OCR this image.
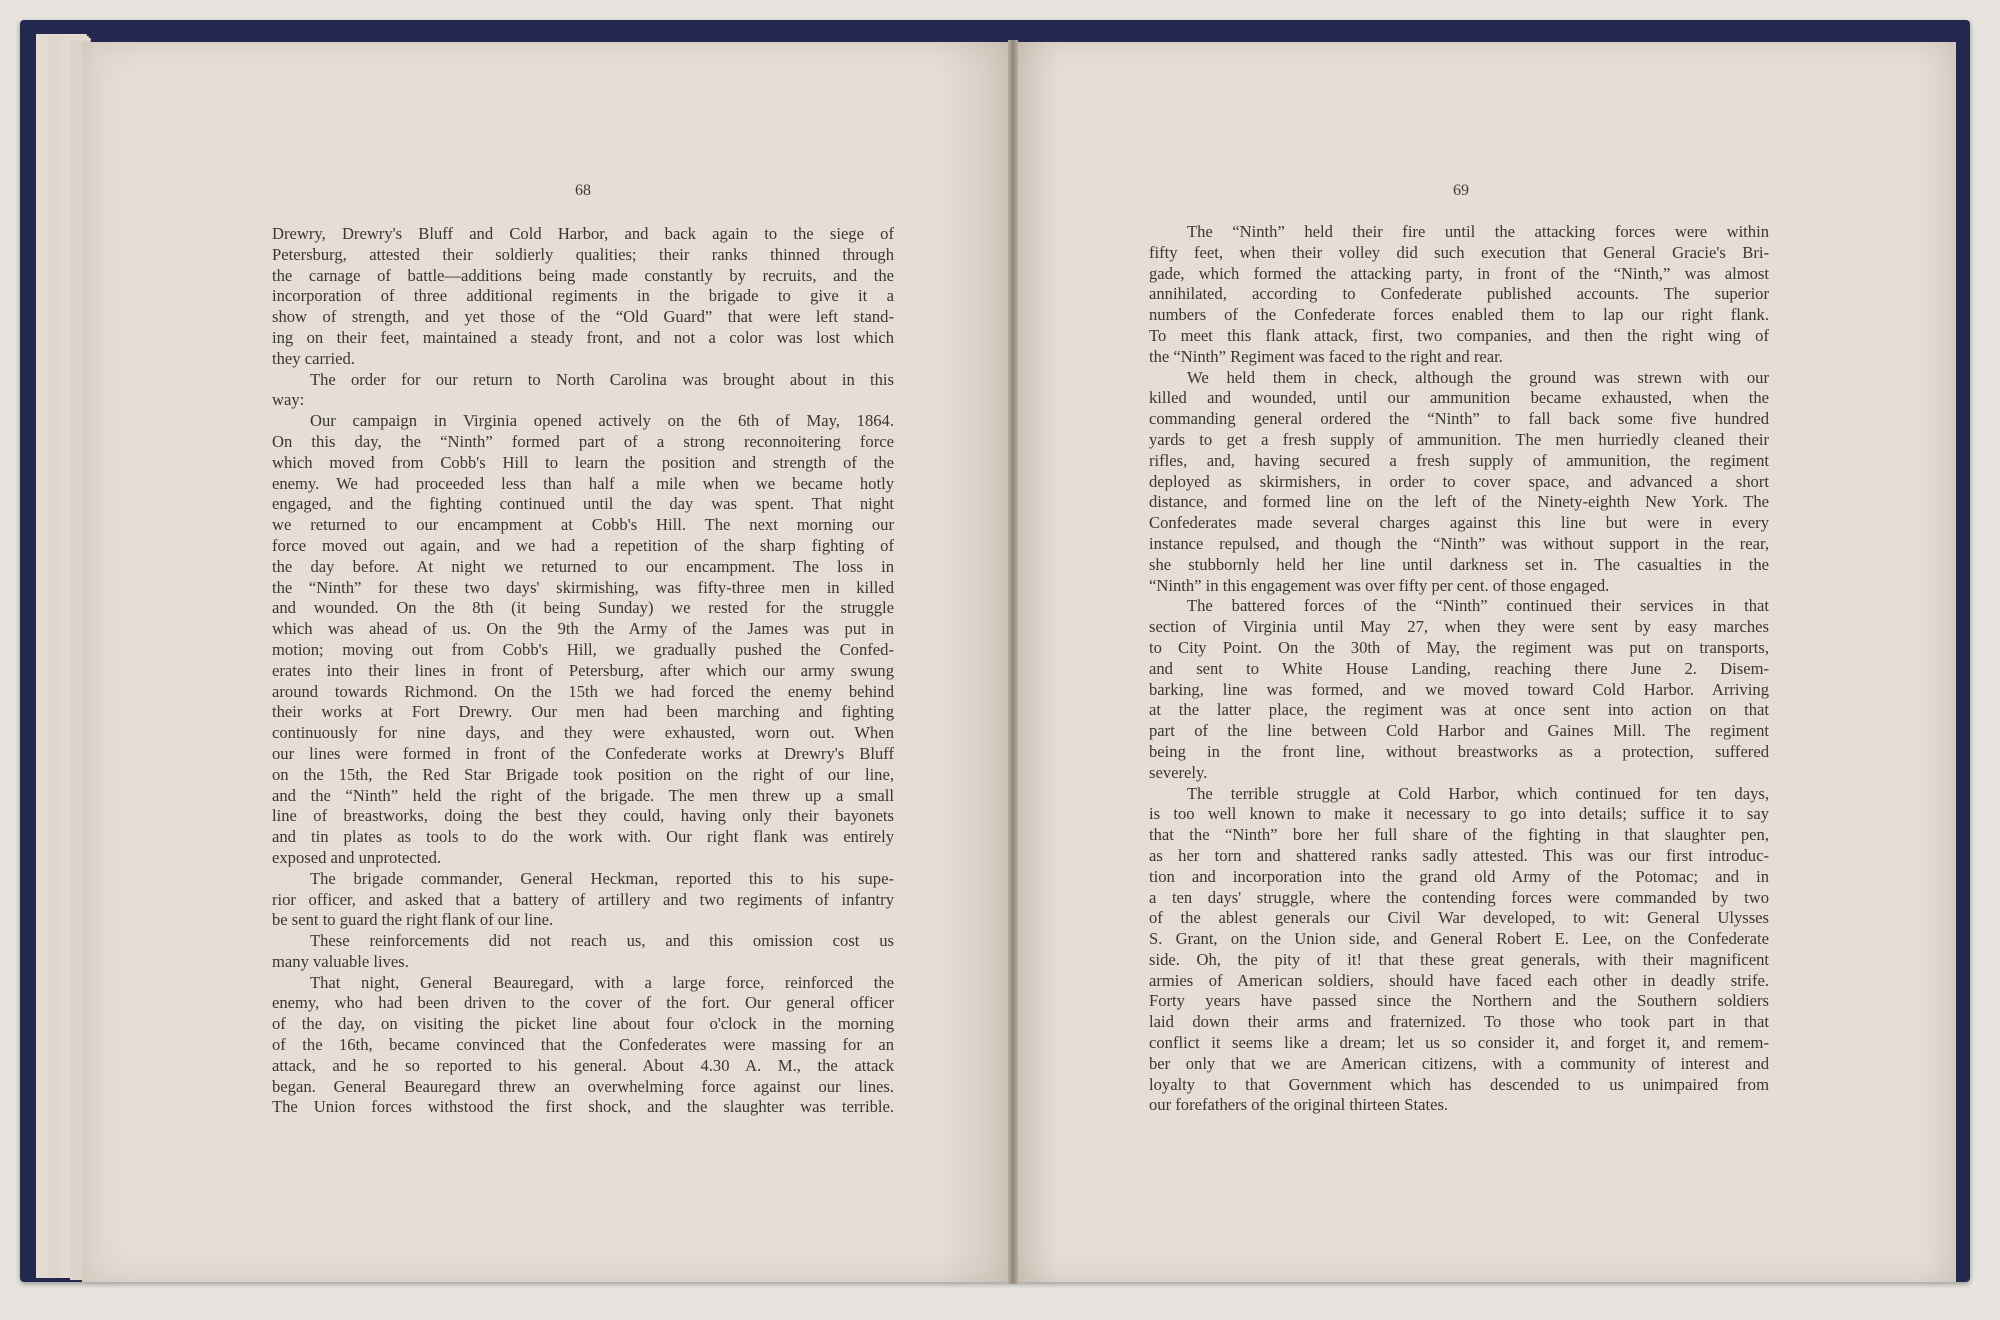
68	69
Drewry, Drewry's Bluff and Cold Harbor, and back again to the siege of
Petersburg, attested their soldierly qualities; their ranks thinned through
the carnage of battle—additions being made constantly by recruits, and the
incorporation of three additional regiments in the brigade to give it a
show of strength, and yet those of the “Old Guard” that were left stand-
ing on their feet, maintained a steady front, and not a color was lost which
they carried.
The order for our return to North Carolina was brought about in this
way:
Our campaign in Virginia opened actively on the 6th of May, 1864.
On this day, the “Ninth” formed part of a strong reconnoitering force
which moved from Cobb's Hill to learn the position and strength of the
enemy. We had proceeded less than half a mile when we became hotly
engaged, and the fighting continued until the day was spent. That night
we returned to our encampment at Cobb's Hill. The next morning our
force moved out again, and we had a repetition of the sharp fighting of
the day before. At night we returned to our encampment. The loss in
the “Ninth” for these two days' skirmishing, was fifty-three men in killed
and wounded. On the 8th (it being Sunday) we rested for the struggle
which was ahead of us. On the 9th the Army of the James was put in
motion; moving out from Cobb's Hill, we gradually pushed the Confed-
erates into their lines in front of Petersburg, after which our army swung
around towards Richmond. On the 15th we had forced the enemy behind
their works at Fort Drewry. Our men had been marching and fighting
continuously for nine days, and they were exhausted, worn out. When
our lines were formed in front of the Confederate works at Drewry's Bluff
on the 15th, the Red Star Brigade took position on the right of our line,
and the “Ninth” held the right of the brigade. The men threw up a small
line of breastworks, doing the best they could, having only their bayonets
and tin plates as tools to do the work with. Our right flank was entirely
exposed and unprotected.
The brigade commander, General Heckman, reported this to his supe-
rior officer, and asked that a battery of artillery and two regiments of infantry
be sent to guard the right flank of our line.
These reinforcements did not reach us, and this omission cost us
many valuable lives.
That night, General Beauregard, with a large force, reinforced the
enemy, who had been driven to the cover of the fort. Our general officer
of the day, on visiting the picket line about four o'clock in the morning
of the 16th, became convinced that the Confederates were massing for an
attack, and he so reported to his general. About 4.30 A. M., the attack
began. General Beauregard threw an overwhelming force against our lines.
The Union forces withstood the first shock, and the slaughter was terrible.
The “Ninth” held their fire until the attacking forces were within
fifty feet, when their volley did such execution that General Gracie's Bri-
gade, which formed the attacking party, in front of the “Ninth,” was almost
annihilated, according to Confederate published accounts. The superior
numbers of the Confederate forces enabled them to lap our right flank.
To meet this flank attack, first, two companies, and then the right wing of
the “Ninth” Regiment was faced to the right and rear.
We held them in check, although the ground was strewn with our
killed and wounded, until our ammunition became exhausted, when the
commanding general ordered the “Ninth” to fall back some five hundred
yards to get a fresh supply of ammunition. The men hurriedly cleaned their
rifles, and, having secured a fresh supply of ammunition, the regiment
deployed as skirmishers, in order to cover space, and advanced a short
distance, and formed line on the left of the Ninety-eighth New York. The
Confederates made several charges against this line but were in every
instance repulsed, and though the “Ninth” was without support in the rear,
she stubbornly held her line until darkness set in. The casualties in the
“Ninth” in this engagement was over fifty per cent. of those engaged.
The battered forces of the “Ninth” continued their services in that
section of Virginia until May 27, when they were sent by easy marches
to City Point. On the 30th of May, the regiment was put on transports,
and sent to White House Landing, reaching there June 2. Disem-
barking, line was formed, and we moved toward Cold Harbor. Arriving
at the latter place, the regiment was at once sent into action on that
part of the line between Cold Harbor and Gaines Mill. The regiment
being in the front line, without breastworks as a protection, suffered
severely.
The terrible struggle at Cold Harbor, which continued for ten days,
is too well known to make it necessary to go into details; suffice it to say
that the “Ninth” bore her full share of the fighting in that slaughter pen,
as her torn and shattered ranks sadly attested. This was our first introduc-
tion and incorporation into the grand old Army of the Potomac; and in
a ten days' struggle, where the contending forces were commanded by two
of the ablest generals our Civil War developed, to wit: General Ulysses
S. Grant, on the Union side, and General Robert E. Lee, on the Confederate
side. Oh, the pity of it! that these great generals, with their magnificent
armies of American soldiers, should have faced each other in deadly strife.
Forty years have passed since the Northern and the Southern soldiers
laid down their arms and fraternized. To those who took part in that
conflict it seems like a dream; let us so consider it, and forget it, and remem-
ber only that we are American citizens, with a community of interest and
loyalty to that Government which has descended to us unimpaired from
our forefathers of the original thirteen States.
